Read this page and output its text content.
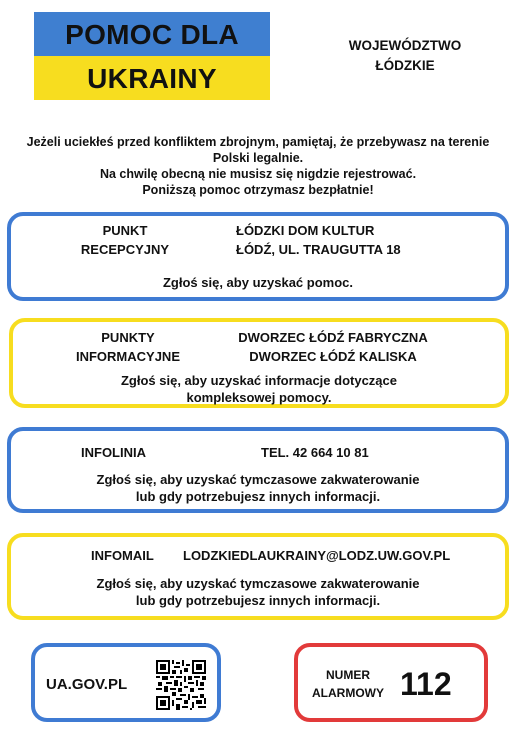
POMOC DLA
UKRAINY
WOJEWÓDZTWO
ŁÓDZKIE
Jeżeli uciekłeś przed konfliktem zbrojnym, pamiętaj, że przebywasz na terenie
Polski legalnie.
Na chwilę obecną nie musisz się nigdzie rejestrować.
Poniższą pomoc otrzymasz bezpłatnie!
PUNKT
RECEPCYJNY
ŁÓDZKI DOM KULTUR
ŁÓDŹ, UL. TRAUGUTTA 18
Zgłoś się, aby uzyskać pomoc.
PUNKTY
INFORMACYJNE
DWORZEC ŁÓDŹ FABRYCZNA
DWORZEC ŁÓDŹ KALISKA
Zgłoś się, aby uzyskać informacje dotyczące
kompleksowej pomocy.
INFOLINIA	TEL. 42 664 10 81
Zgłoś się, aby uzyskać tymczasowe zakwaterowanie
lub gdy potrzebujesz innych informacji.
INFOMAIL	LODZKIEDLAUKRAINY@LODZ.UW.GOV.PL
Zgłoś się, aby uzyskać tymczasowe zakwaterowanie
lub gdy potrzebujesz innych informacji.
UA.GOV.PL
NUMER
ALARMOWY 112
